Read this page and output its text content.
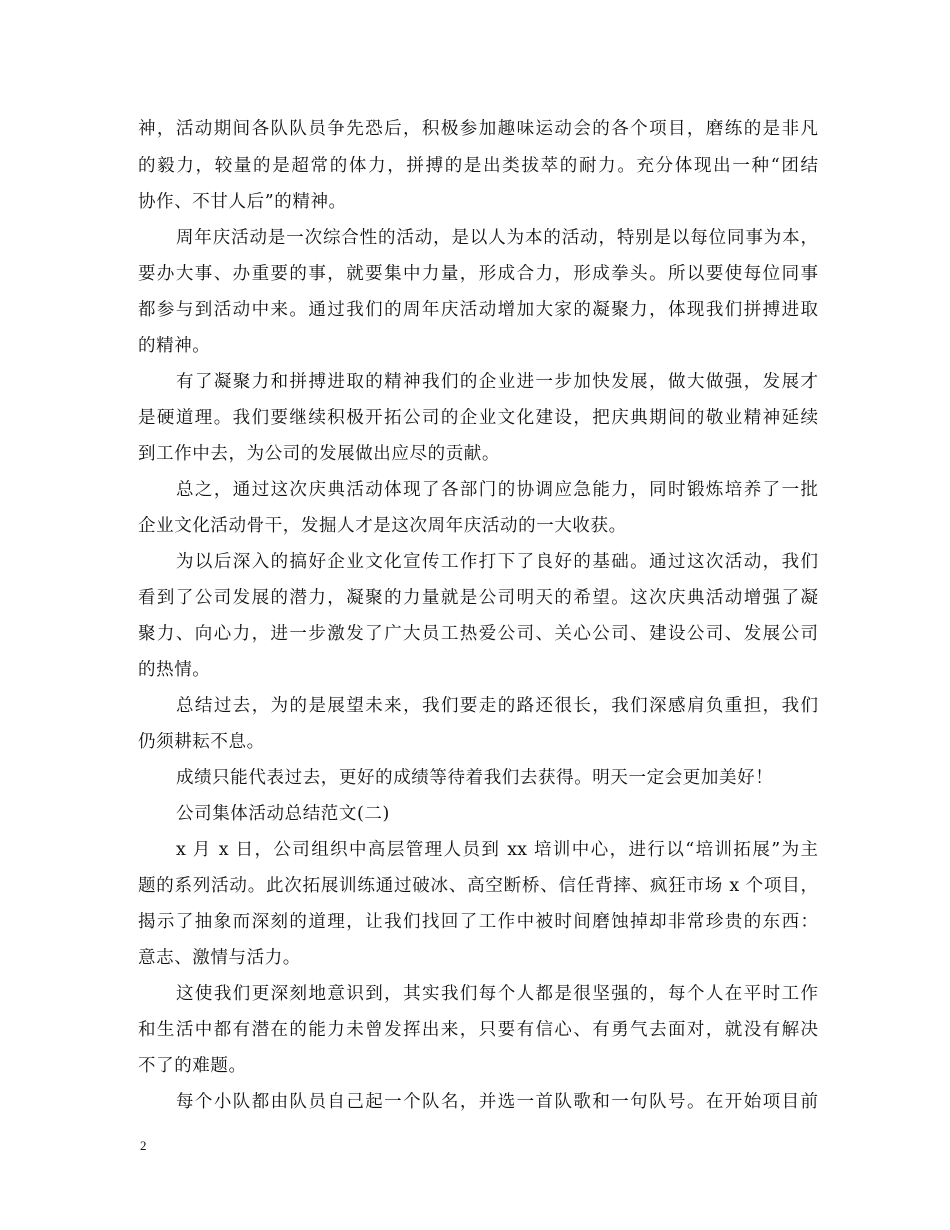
神，活动期间各队队员争先恐后，积极参加趣味运动会的各个项目，磨练的是非凡
的毅力，较量的是超常的体力，拼搏的是出类拔萃的耐力。充分体现出一种“团结
协作、不甘人后”的精神。
周年庆活动是一次综合性的活动，是以人为本的活动，特别是以每位同事为本，
要办大事、办重要的事，就要集中力量，形成合力，形成拳头。所以要使每位同事
都参与到活动中来。通过我们的周年庆活动增加大家的凝聚力，体现我们拼搏进取
的精神。
有了凝聚力和拼搏进取的精神我们的企业进一步加快发展，做大做强，发展才
是硬道理。我们要继续积极开拓公司的企业文化建设，把庆典期间的敬业精神延续
到工作中去，为公司的发展做出应尽的贡献。
总之，通过这次庆典活动体现了各部门的协调应急能力，同时锻炼培养了一批
企业文化活动骨干，发掘人才是这次周年庆活动的一大收获。
为以后深入的搞好企业文化宣传工作打下了良好的基础。通过这次活动，我们
看到了公司发展的潜力，凝聚的力量就是公司明天的希望。这次庆典活动增强了凝
聚力、向心力，进一步激发了广大员工热爱公司、关心公司、建设公司、发展公司
的热情。
总结过去，为的是展望未来，我们要走的路还很长，我们深感肩负重担，我们
仍须耕耘不息。
成绩只能代表过去，更好的成绩等待着我们去获得。明天一定会更加美好！
公司集体活动总结范文(二)
x 月 x 日，公司组织中高层管理人员到 xx 培训中心，进行以“培训拓展”为主
题的系列活动。此次拓展训练通过破冰、高空断桥、信任背摔、疯狂市场 x 个项目，
揭示了抽象而深刻的道理，让我们找回了工作中被时间磨蚀掉却非常珍贵的东西：
意志、激情与活力。
这使我们更深刻地意识到，其实我们每个人都是很坚强的，每个人在平时工作
和生活中都有潜在的能力未曾发挥出来，只要有信心、有勇气去面对，就没有解决
不了的难题。
每个小队都由队员自己起一个队名，并选一首队歌和一句队号。在开始项目前
2
